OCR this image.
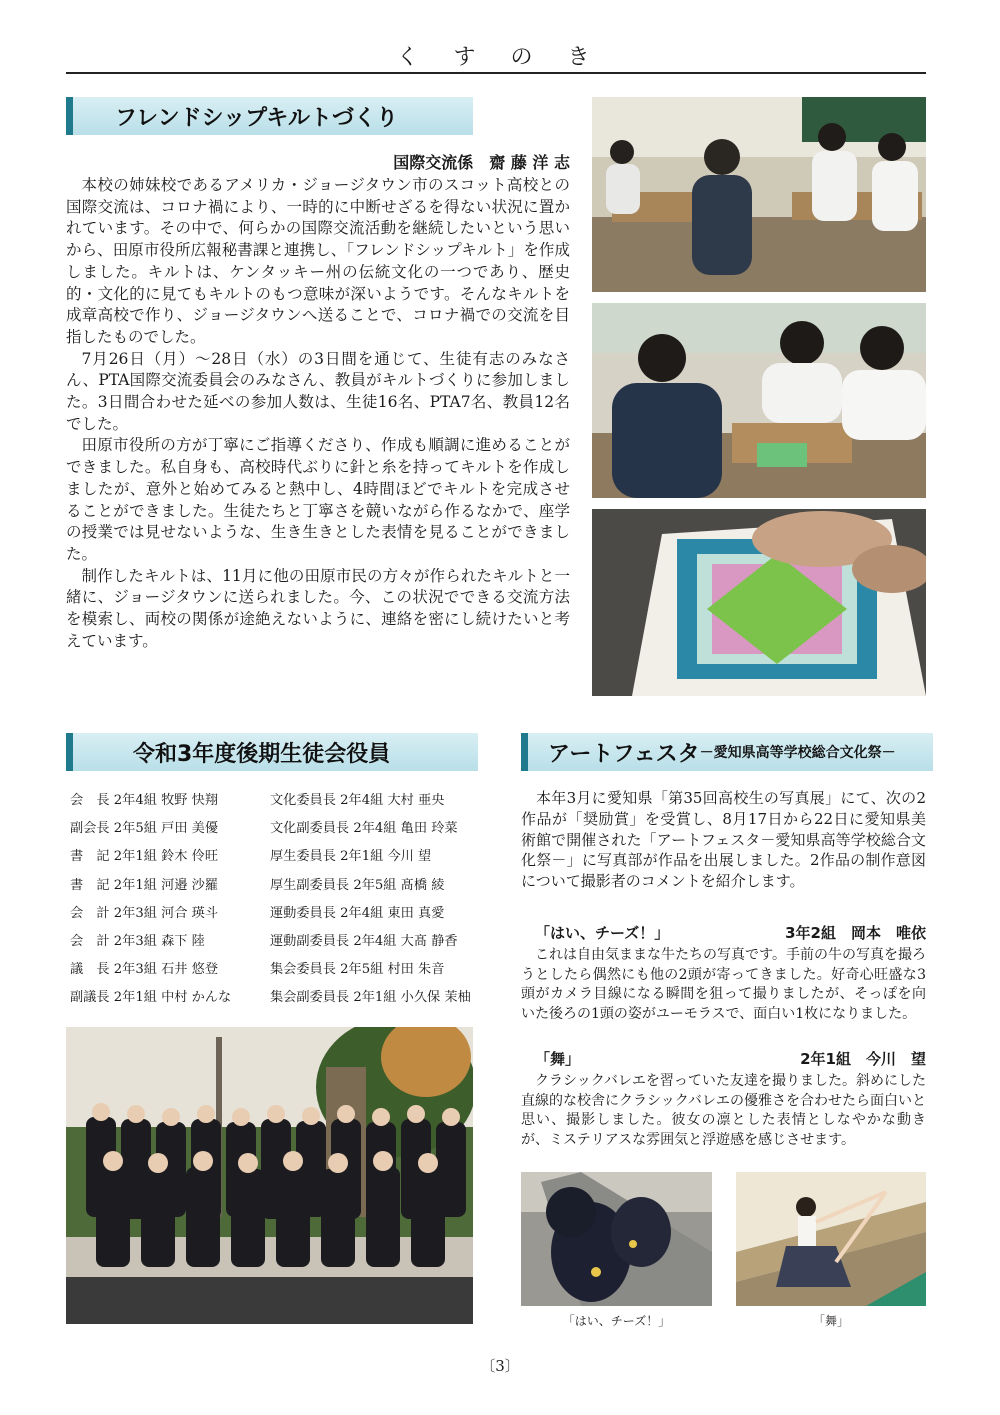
く す の き
フレンドシップキルトづくり
国際交流係　齋 藤 洋 志

本校の姉妹校であるアメリカ・ジョージタウン市のスコット高校との国際交流は、コロナ禍により、一時的に中断せざるを得ない状況に置かれています。その中で、何らかの国際交流活動を継続したいという思いから、田原市役所広報秘書課と連携し、「フレンドシップキルト」を作成しました。キルトは、ケンタッキー州の伝統文化の一つであり、歴史的・文化的に見てもキルトのもつ意味が深いようです。そんなキルトを成章高校で作り、ジョージタウンへ送ることで、コロナ禍での交流を目指したものでした。

7月26日（月）～28日（水）の3日間を通じて、生徒有志のみなさん、PTA国際交流委員会のみなさん、教員がキルトづくりに参加しました。3日間合わせた延べの参加人数は、生徒16名、PTA7名、教員12名でした。

田原市役所の方が丁寧にご指導くださり、作成も順調に進めることができました。私自身も、高校時代ぶりに針と糸を持ってキルトを作成しましたが、意外と始めてみると熱中し、4時間ほどでキルトを完成させることができました。生徒たちと丁寧さを競いながら作るなかで、座学の授業では見せないような、生き生きとした表情を見ることができました。

制作したキルトは、11月に他の田原市民の方々が作られたキルトと一緒に、ジョージタウンに送られました。今、この状況でできる交流方法を模索し、両校の関係が途絶えないように、連絡を密にし続けたいと考えています。

令和3年度後期生徒会役員
会　長 2年4組 牧野 快翔	文化委員長 2年4組 大村 亜央
副会長 2年5組 戸田 美優	文化副委員長 2年4組 亀田 玲菜
書　記 2年1組 鈴木 伶旺	厚生委員長 2年1組 今川 望
書　記 2年1組 河邉 沙羅	厚生副委員長 2年5組 髙橋 綾
会　計 2年3組 河合 瑛斗	運動委員長 2年4組 東田 真愛
会　計 2年3組 森下 陸	運動副委員長 2年4組 大髙 静香
議　長 2年3組 石井 悠登	集会委員長 2年5組 村田 朱音
副議長 2年1組 中村 かんな	集会副委員長 2年1組 小久保 茉柚
アートフェスタ －愛知県高等学校総合文化祭－

本年3月に愛知県「第35回高校生の写真展」にて、次の2作品が「奨励賞」を受賞し、8月17日から22日に愛知県美術館で開催された「アートフェスタ－愛知県高等学校総合文化祭－」に写真部が作品を出展しました。2作品の制作意図について撮影者のコメントを紹介します。

「はい、チーズ！」	3年2組　岡本　唯依

これは自由気ままな牛たちの写真です。手前の牛の写真を撮ろうとしたら偶然にも他の2頭が寄ってきました。好奇心旺盛な3頭がカメラ目線になる瞬間を狙って撮りましたが、そっぽを向いた後ろの1頭の姿がユーモラスで、面白い1枚になりました。

「舞」	2年1組　今川　望

クラシックバレエを習っていた友達を撮りました。斜めにした直線的な校舎にクラシックバレエの優雅さを合わせたら面白いと思い、撮影しました。彼女の凛とした表情としなやかな動きが、ミステリアスな雰囲気と浮遊感を感じさせます。

「はい、チーズ！」	「舞」
〔3〕
